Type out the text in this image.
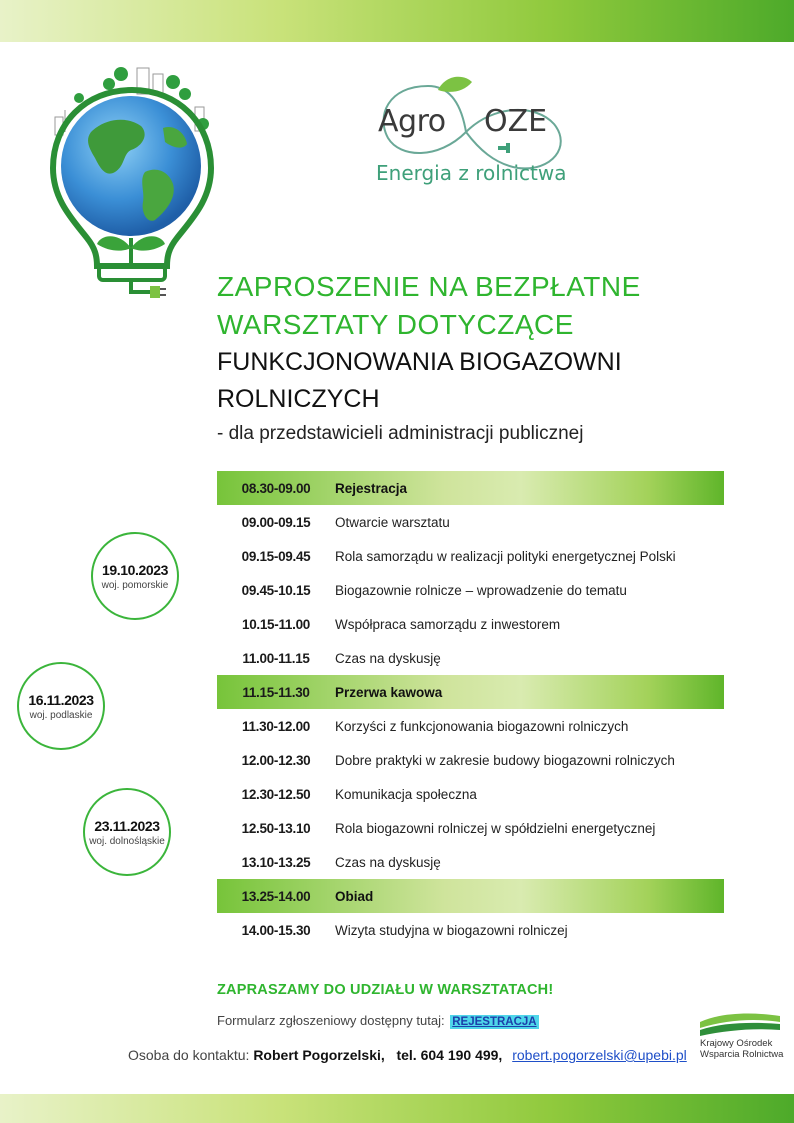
Agro OZE
Energia z rolnictwa
ZAPROSZENIE NA BEZPŁATNE
WARSZTATY DOTYCZĄCE
FUNKCJONOWANIA BIOGAZOWNI
ROLNICZYCH
- dla przedstawicieli administracji publicznej
08.30-09.00	Rejestracja
09.00-09.15	Otwarcie warsztatu
09.15-09.45	Rola samorządu w realizacji polityki energetycznej Polski
09.45-10.15	Biogazownie rolnicze – wprowadzenie do tematu
10.15-11.00	Współpraca samorządu z inwestorem
11.00-11.15	Czas na dyskusję
11.15-11.30	Przerwa kawowa
11.30-12.00	Korzyści z funkcjonowania biogazowni rolniczych
12.00-12.30	Dobre praktyki w zakresie budowy biogazowni rolniczych
12.30-12.50	Komunikacja społeczna
12.50-13.10	Rola biogazowni rolniczej w spółdzielni energetycznej
13.10-13.25	Czas na dyskusję
13.25-14.00	Obiad
14.00-15.30	Wizyta studyjna w biogazowni rolniczej
19.10.2023
woj. pomorskie
16.11.2023
woj. podlaskie
23.11.2023
woj. dolnośląskie
ZAPRASZAMY DO UDZIAŁU W WARSZTATACH!
Formularz zgłoszeniowy dostępny tutaj: REJESTRACJA
Osoba do kontaktu: Robert Pogorzelski, tel. 604 190 499, robert.pogorzelski@upebi.pl
Krajowy Ośrodek
Wsparcia Rolnictwa
